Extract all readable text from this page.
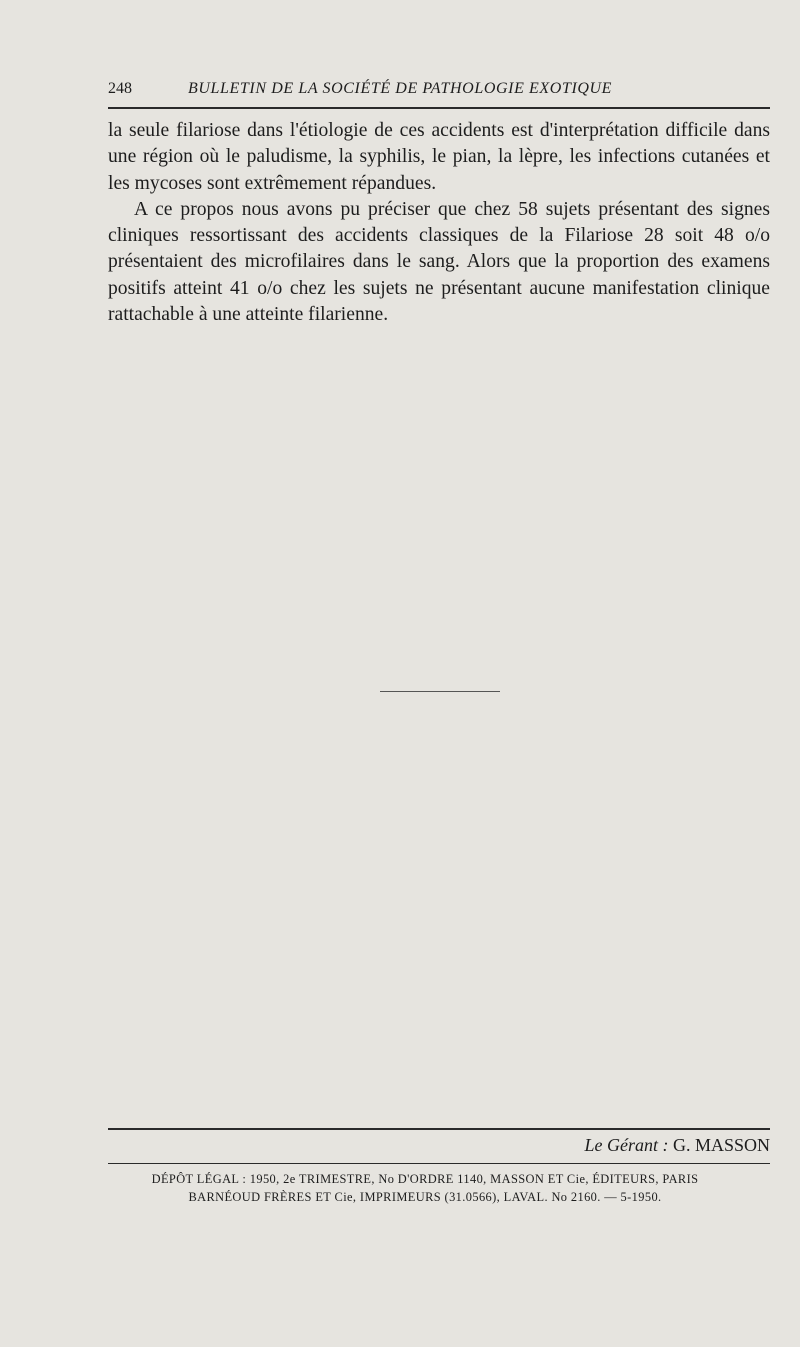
248	BULLETIN DE LA SOCIÉTÉ DE PATHOLOGIE EXOTIQUE

la seule filariose dans l'étiologie de ces accidents est d'interprétation difficile dans une région où le paludisme, la syphilis, le pian, la lèpre, les infections cutanées et les mycoses sont extrêmement répandues.

A ce propos nous avons pu préciser que chez 58 sujets présentant des signes cliniques ressortissant des accidents classiques de la Filariose 28 soit 48 o/o présentaient des microfilaires dans le sang. Alors que la proportion des examens positifs atteint 41 o/o chez les sujets ne présentant aucune manifestation clinique rattachable à une atteinte filarienne.

Le Gérant : G. MASSON
DÉPÔT LÉGAL : 1950, 2e TRIMESTRE, No D'ORDRE 1140, MASSON ET Cie, ÉDITEURS, PARIS
BARNÉOUD FRÈRES ET Cie, IMPRIMEURS (31.0566), LAVAL. No 2160. — 5-1950.
